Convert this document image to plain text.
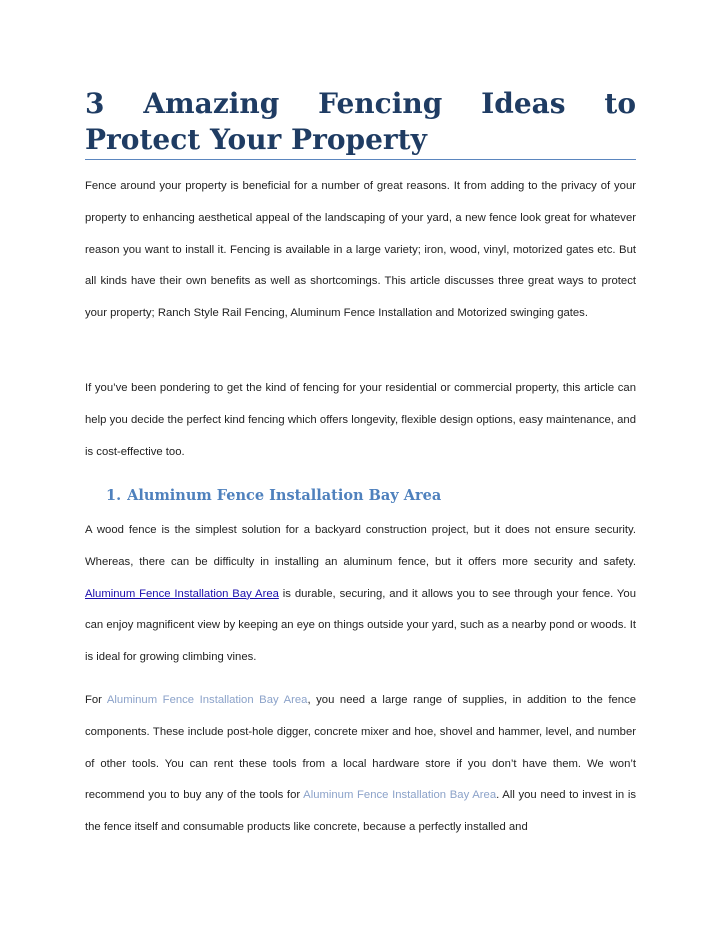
3 Amazing Fencing Ideas to Protect Your Property

Fence around your property is beneficial for a number of great reasons. It from adding to the privacy of your property to enhancing aesthetical appeal of the landscaping of your yard, a new fence look great for whatever reason you want to install it. Fencing is available in a large variety; iron, wood, vinyl, motorized gates etc. But all kinds have their own benefits as well as shortcomings. This article discusses three great ways to protect your property; Ranch Style Rail Fencing, Aluminum Fence Installation and Motorized swinging gates.

If you’ve been pondering to get the kind of fencing for your residential or commercial property, this article can help you decide the perfect kind fencing which offers longevity, flexible design options, easy maintenance, and is cost-effective too.

1. Aluminum Fence Installation Bay Area

A wood fence is the simplest solution for a backyard construction project, but it does not ensure security. Whereas, there can be difficulty in installing an aluminum fence, but it offers more security and safety. Aluminum Fence Installation Bay Area is durable, securing, and it allows you to see through your fence. You can enjoy magnificent view by keeping an eye on things outside your yard, such as a nearby pond or woods. It is ideal for growing climbing vines.

For Aluminum Fence Installation Bay Area, you need a large range of supplies, in addition to the fence components. These include post-hole digger, concrete mixer and hoe, shovel and hammer, level, and number of other tools. You can rent these tools from a local hardware store if you don’t have them. We won’t recommend you to buy any of the tools for Aluminum Fence Installation Bay Area. All you need to invest in is the fence itself and consumable products like concrete, because a perfectly installed and
